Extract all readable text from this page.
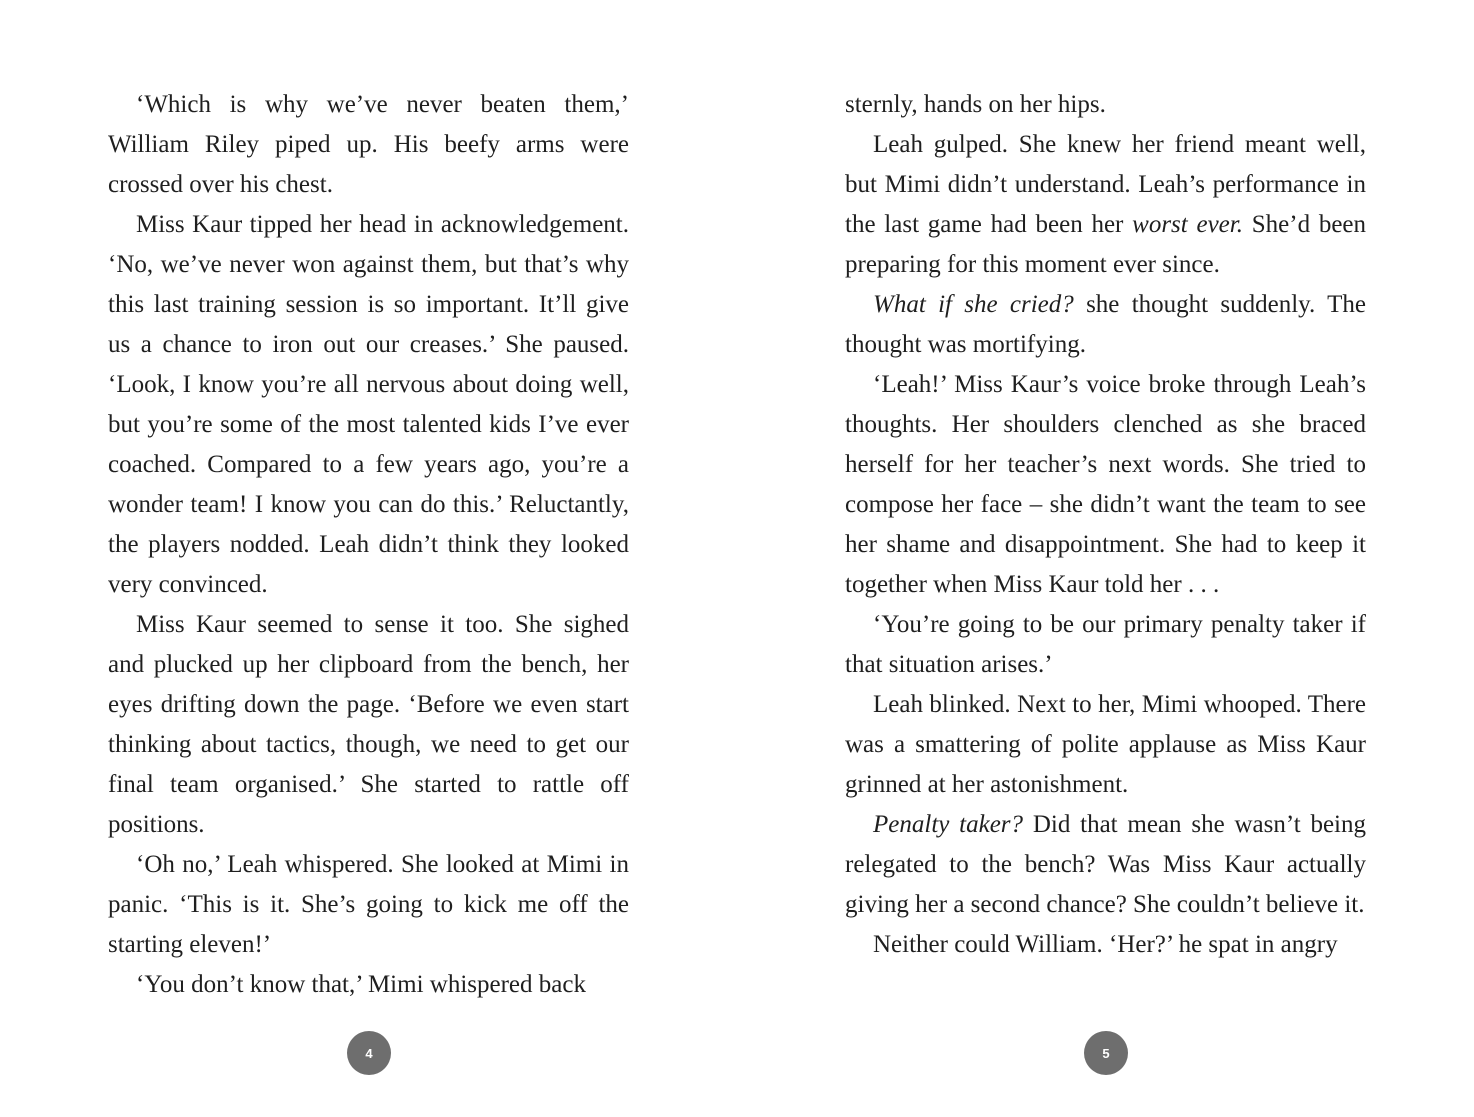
‘Which is why we’ve never beaten them,’ William Riley piped up. His beefy arms were crossed over his chest.

Miss Kaur tipped her head in acknowledgement. ‘No, we’ve never won against them, but that’s why this last training session is so important. It’ll give us a chance to iron out our creases.’ She paused. ‘Look, I know you’re all nervous about doing well, but you’re some of the most talented kids I’ve ever coached. Compared to a few years ago, you’re a wonder team! I know you can do this.’ Reluctantly, the players nodded. Leah didn’t think they looked very convinced.

Miss Kaur seemed to sense it too. She sighed and plucked up her clipboard from the bench, her eyes drifting down the page. ‘Before we even start thinking about tactics, though, we need to get our final team organised.’ She started to rattle off positions.

‘Oh no,’ Leah whispered. She looked at Mimi in panic. ‘This is it. She’s going to kick me off the starting eleven!’

‘You don’t know that,’ Mimi whispered back

4

sternly, hands on her hips.

Leah gulped. She knew her friend meant well, but Mimi didn’t understand. Leah’s performance in the last game had been her worst ever. She’d been preparing for this moment ever since.

What if she cried? she thought suddenly. The thought was mortifying.

‘Leah!’ Miss Kaur’s voice broke through Leah’s thoughts. Her shoulders clenched as she braced herself for her teacher’s next words. She tried to compose her face – she didn’t want the team to see her shame and disappointment. She had to keep it together when Miss Kaur told her . . .

‘You’re going to be our primary penalty taker if that situation arises.’

Leah blinked. Next to her, Mimi whooped. There was a smattering of polite applause as Miss Kaur grinned at her astonishment.

Penalty taker? Did that mean she wasn’t being relegated to the bench? Was Miss Kaur actually giving her a second chance? She couldn’t believe it.

Neither could William. ‘Her?’ he spat in angry

5
